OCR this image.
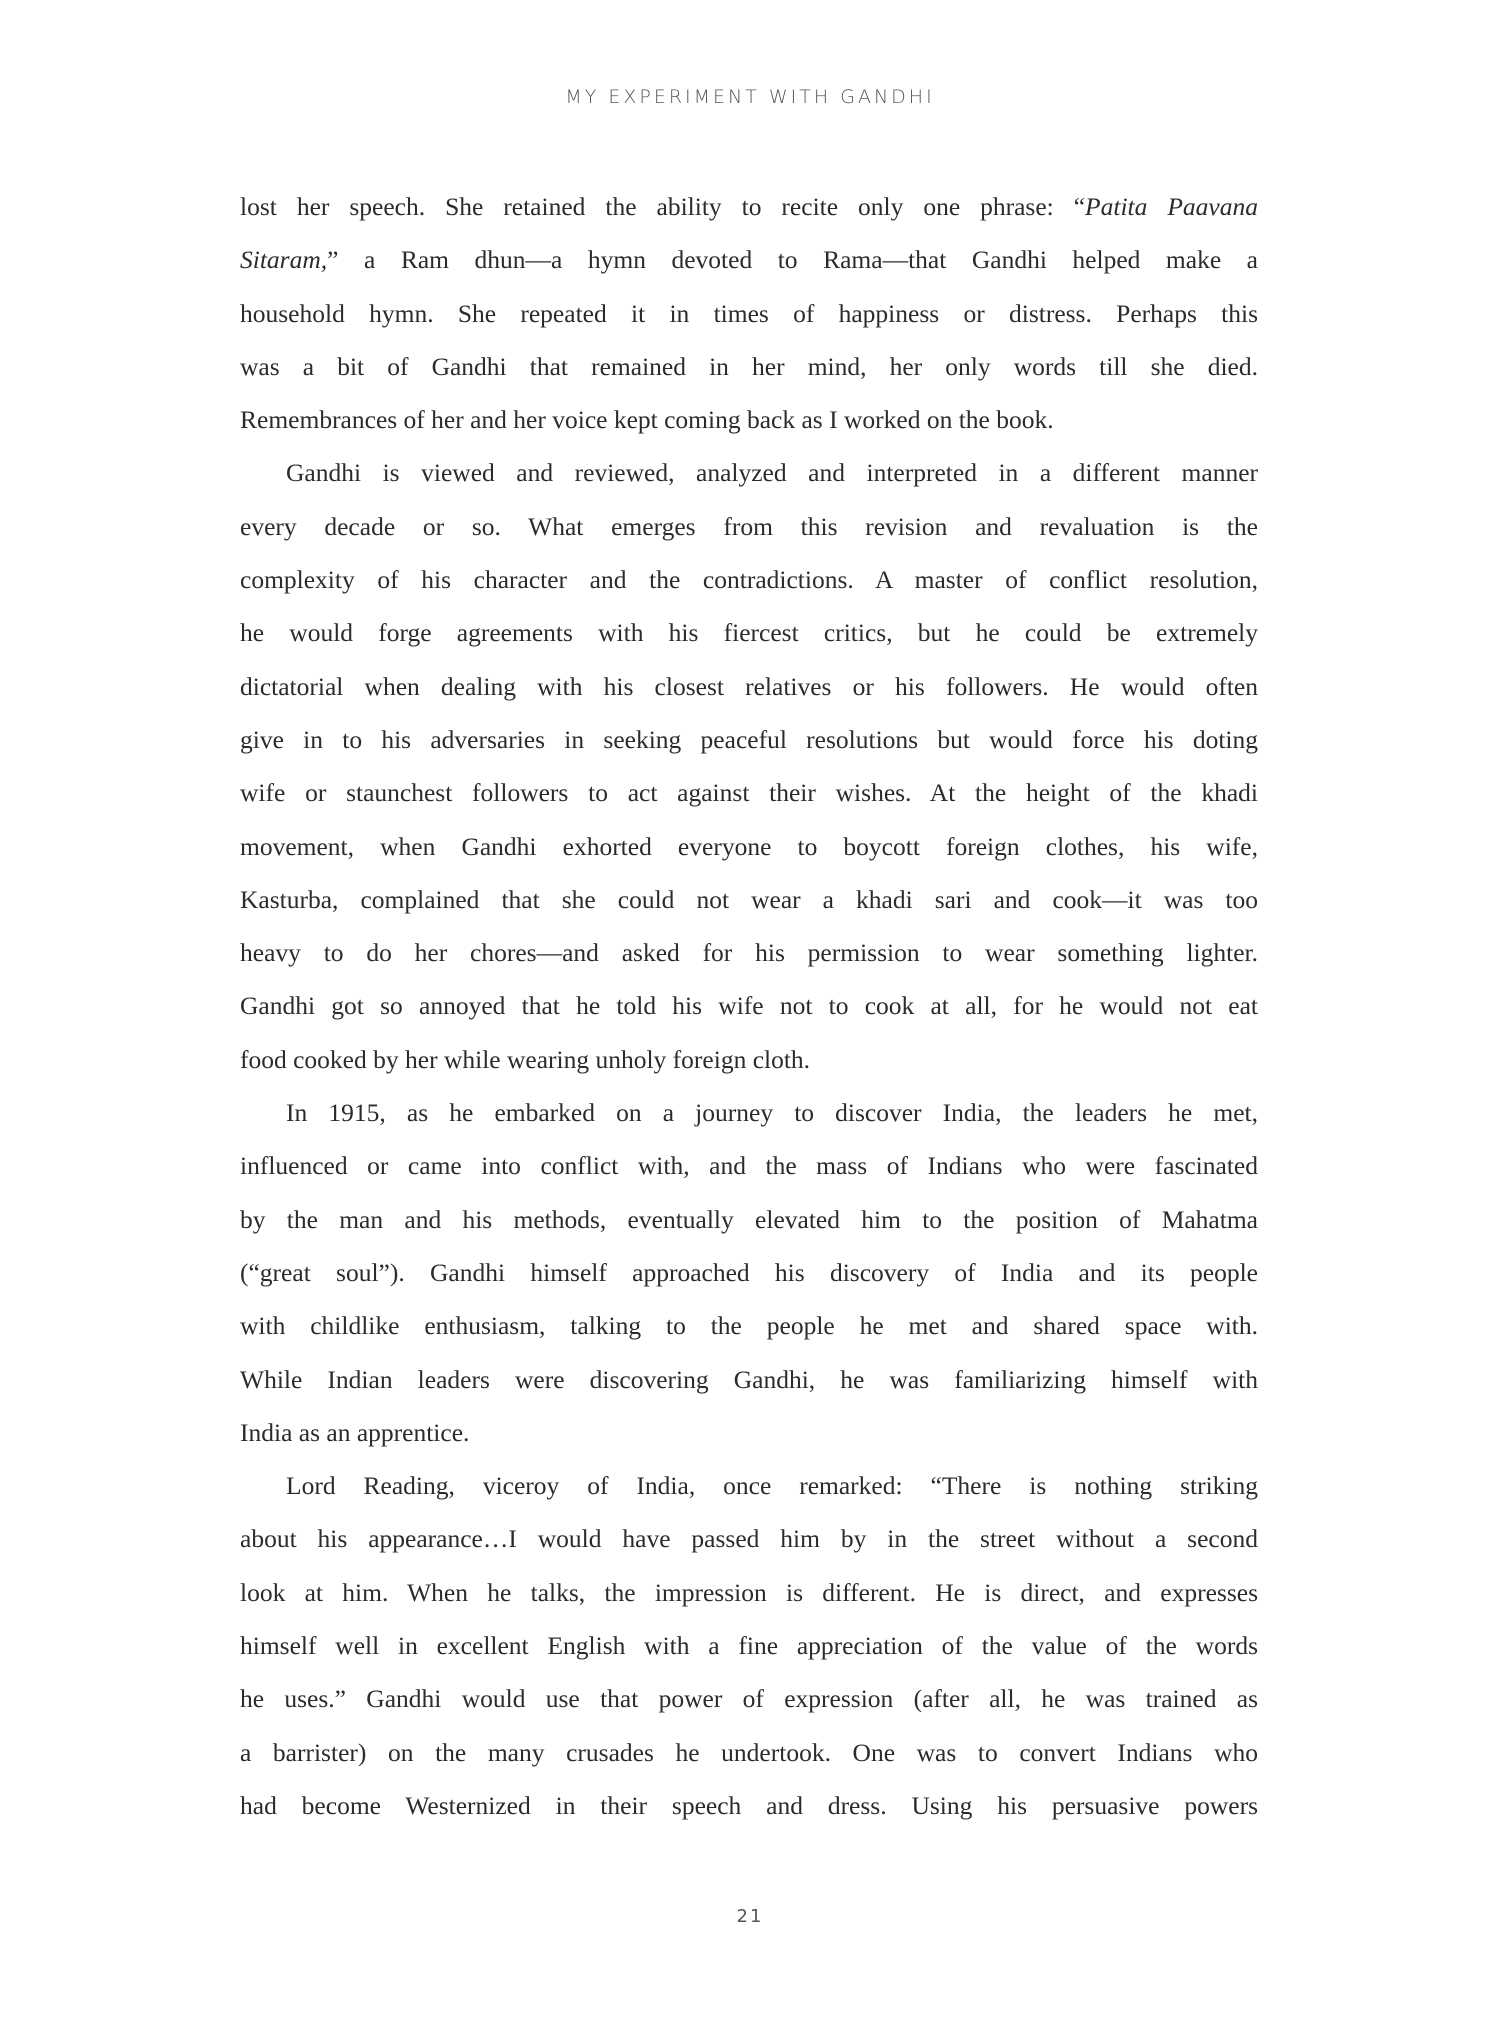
MY EXPERIMENT WITH GANDHI
lost her speech. She retained the ability to recite only one phrase: “Patita Paavana
Sitaram,” a Ram dhun—a hymn devoted to Rama—that Gandhi helped make a
household hymn. She repeated it in times of happiness or distress. Perhaps this
was a bit of Gandhi that remained in her mind, her only words till she died.
Remembrances of her and her voice kept coming back as I worked on the book.
Gandhi is viewed and reviewed, analyzed and interpreted in a different manner
every decade or so. What emerges from this revision and revaluation is the
complexity of his character and the contradictions. A master of conflict resolution,
he would forge agreements with his fiercest critics, but he could be extremely
dictatorial when dealing with his closest relatives or his followers. He would often
give in to his adversaries in seeking peaceful resolutions but would force his doting
wife or staunchest followers to act against their wishes. At the height of the khadi
movement, when Gandhi exhorted everyone to boycott foreign clothes, his wife,
Kasturba, complained that she could not wear a khadi sari and cook—it was too
heavy to do her chores—and asked for his permission to wear something lighter.
Gandhi got so annoyed that he told his wife not to cook at all, for he would not eat
food cooked by her while wearing unholy foreign cloth.
In 1915, as he embarked on a journey to discover India, the leaders he met,
influenced or came into conflict with, and the mass of Indians who were fascinated
by the man and his methods, eventually elevated him to the position of Mahatma
(“great soul”). Gandhi himself approached his discovery of India and its people
with childlike enthusiasm, talking to the people he met and shared space with.
While Indian leaders were discovering Gandhi, he was familiarizing himself with
India as an apprentice.
Lord Reading, viceroy of India, once remarked: “There is nothing striking
about his appearance…I would have passed him by in the street without a second
look at him. When he talks, the impression is different. He is direct, and expresses
himself well in excellent English with a fine appreciation of the value of the words
he uses.” Gandhi would use that power of expression (after all, he was trained as
a barrister) on the many crusades he undertook. One was to convert Indians who
had become Westernized in their speech and dress. Using his persuasive powers
21
